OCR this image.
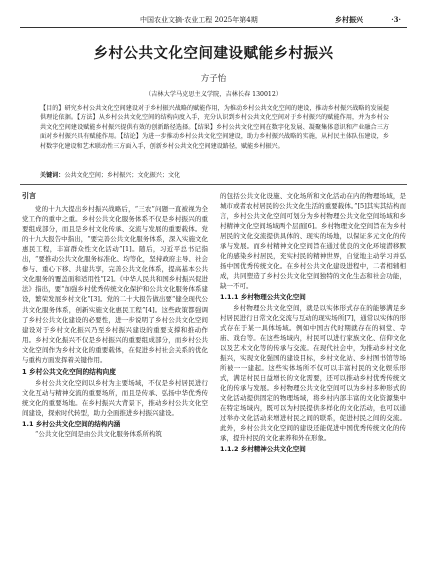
中国农业文摘·农业工程 2025年第4期	乡村振兴	·3·
乡村公共文化空间建设赋能乡村振兴
方子怡
（吉林大学马克思主义学院，吉林长春 130012）
【目的】研究乡村公共文化空间建设对于乡村振兴战略的赋能作用，为推动乡村公共文化空间的建设，推动乡村振兴战略的发展提供理论依据。【方法】从乡村公共文化空间的结构向度入手，充分认识到乡村公共文化空间对于乡村振兴的赋能作用，并为乡村公共文化空间建设赋能乡村振兴提供有效的创新路径选择。【结果】乡村公共文化空间在数字化发展、凝聚集体意识和产业融合三方面对乡村振兴具有赋能作用。【结论】为进一步推动乡村公共文化空间建设，助力乡村振兴战略的实施，从村民主体队伍建设，乡村数字化建设和艺术联动性三方面入手，创新乡村公共文化空间建设路径，赋能乡村振兴。
关键词：公共文化空间；乡村振兴；文化振兴；文化
引言

党的十九大提出乡村振兴战略后，“三农”问题一直被视为全党工作的重中之重。乡村公共文化服务体系不仅是乡村振兴的重要组成部分，而且是乡村文化传承、交流与发展的重要载体。党的十九大报告中指出，“要完善公共文化服务体系，深入实施文化惠民工程，丰富群众性文化活动”[1]。随后，习近平总书记指出，“要推动公共文化服务标准化、均等化，坚持政府主导、社会参与、重心下移、共建共享，完善公共文化体系，提高基本公共文化服务的覆盖面和适用性”[2]。《中华人民共和国乡村振兴促进法》指出，要“加强乡村优秀传统文化保护和公共文化服务体系建设，繁荣发展乡村文化”[3]。党的二十大报告做出要“健全现代公共文化服务体系，创新实施文化惠民工程”[4]。这些政策都强调了乡村公共文化建设的必要性，进一步说明了乡村公共文化空间建设对于乡村文化振兴乃至乡村振兴建设的重要支撑和推动作用。乡村文化振兴不仅是乡村振兴的重要组成部分，而乡村公共文化空间作为乡村文化的重要载体，在促进乡村社会关系的优化与重构方面发挥着关键作用。

1 乡村公共文化空间的结构向度

乡村公共文化空间以乡村为主要场域，不仅是乡村居民进行文化互动与精神交流的重要场所，而且是传承、弘扬中华优秀传统文化的重要场地。在乡村振兴大背景下，推动乡村公共文化空间建设，探索时代转型，助力全面推进乡村振兴建设。

1.1 乡村公共文化空间的结构内涵

“公共文化空间是由公共文化服务体系所构筑

的包括公共文化设施、文化场所和文化活动在内的物理场域，是城市或者农村居民的公共文化生活的重要载体。”[5]其实其结构而言，乡村公共文化空间可划分为乡村物理公共文化空间场域和乡村精神文化空间场域两个层面[6]。乡村物理文化空间旨在为乡村居民的文化交流提供具体的、现实的场地，以保证多元文化的传承与发展。而乡村精神文化空间旨在通过优良的文化环境潜移默化的感染乡村居民，充实村民的精神世界，自觉地主动学习并弘扬中国优秀传统文化。在乡村公共文化建设进程中，二者相辅相成，共同塑造了乡村公共文化空间独特的文化生态和社会功能，缺一不可。

1.1.1 乡村物理公共文化空间

乡村物理公共文化空间，就是以实体形式存在的能够满足乡村居民进行日常文化交流与互动的现实场所[7]，通常以实体的形式存在于某一具体场域。例如中国古代时期就存在的祠堂、寺庙、戏台等。在这些场域内，村民可以进行家族文化、信仰文化以及艺术文化等的传承与交流。在现代社会中，为推动乡村文化振兴，实现文化强国的建设目标，乡村文化站、乡村图书馆等场所被一一建起。这些实体场所不仅可以丰富村民的文化娱乐形式，满足村民日益增长的文化需要，还可以推动乡村优秀传统文化的传承与发展。乡村物理公共文化空间可以为乡村多种形式的文化活动提供固定的物理场域，将乡村内部丰富的文化资源集中在特定场域内，既可以为村民提供多样化的文化活动，也可以通过举办文化活动来增进村民之间的联系，促进村民之间的交流。此外，乡村公共文化空间的建设还能促进中国优秀传统文化的传承，提升村民的文化素养和外在形象。

1.1.2 乡村精神公共文化空间
